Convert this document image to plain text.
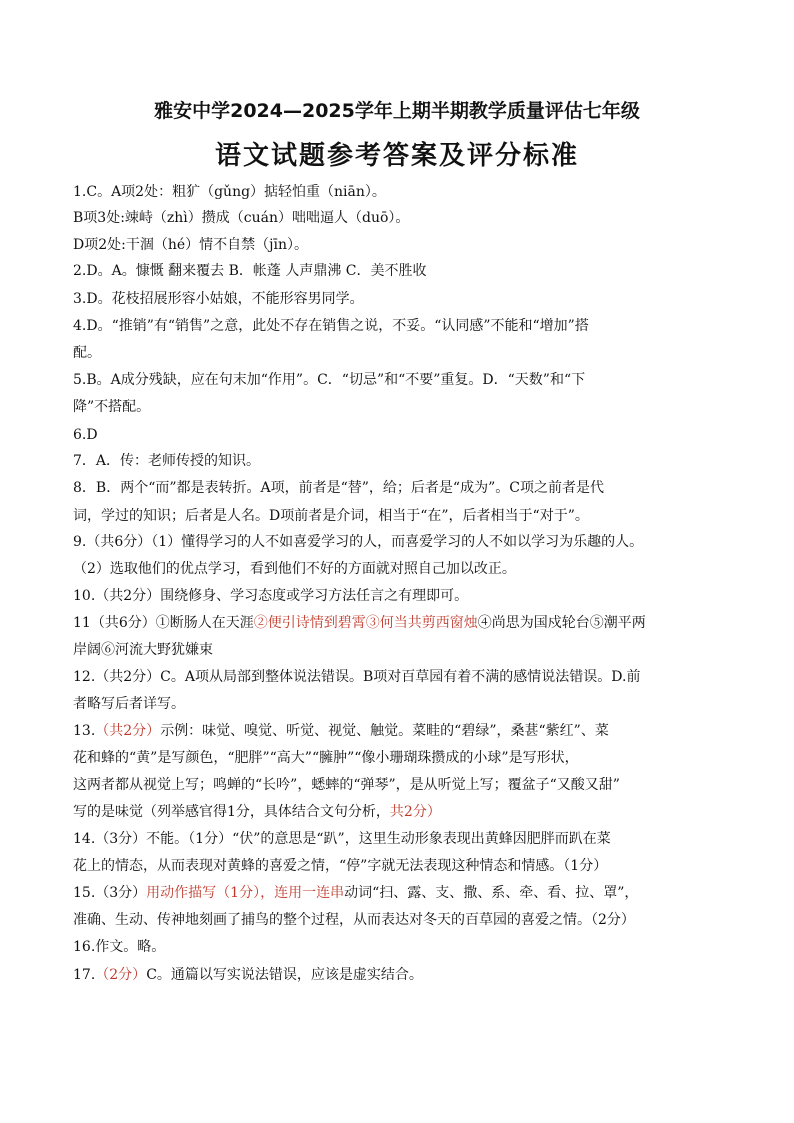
雅安中学2024—2025学年上期半期教学质量评估七年级
语文试题参考答案及评分标准
1.C。A项2处：粗犷（gǔng）掂轻怕重（niān）。
B项3处:竦峙（zhì）攒成（cuán）咄咄逼人（duō）。
D项2处:干涸（hé）情不自禁（jīn）。
2.D。A。慷慨 翻来覆去 B．帐蓬 人声鼎沸 C．美不胜收
3.D。花枝招展形容小姑娘，不能形容男同学。
4.D。“推销”有“销售”之意，此处不存在销售之说，不妥。“认同感”不能和“增加”搭
配。
5.B。A成分残缺，应在句末加“作用”。C．“切忌”和“不要”重复。D．“天数”和“下
降”不搭配。
6.D
7．A．传：老师传授的知识。
8．B．两个“而”都是表转折。A项，前者是“替”，给；后者是“成为”。C项之前者是代
词，学过的知识；后者是人名。D项前者是介词，相当于“在”，后者相当于“对于”。
9.（共6分）（1）懂得学习的人不如喜爱学习的人，而喜爱学习的人不如以学习为乐趣的人。
（2）选取他们的优点学习，看到他们不好的方面就对照自己加以改正。
10.（共2分）围绕修身、学习态度或学习方法任言之有理即可。
11（共6分）①断肠人在天涯②便引诗情到碧霄③何当共剪西窗烛④尚思为国戍轮台⑤潮平两
岸阔⑥河流大野犹嫌束
12.（共2分）C。A项从局部到整体说法错误。B项对百草园有着不满的感情说法错误。D.前
者略写后者详写。
13.（共2分）示例：味觉、嗅觉、听觉、视觉、触觉。菜畦的“碧绿”，桑葚“紫红”、菜
花和蜂的“黄”是写颜色，“肥胖”“高大”“臃肿”“像小珊瑚珠攒成的小球”是写形状，
这两者都从视觉上写；鸣蝉的“长吟”，蟋蟀的“弹琴”，是从听觉上写；覆盆子“又酸又甜”
写的是味觉（列举感官得1分，具体结合文句分析，共2分）
14.（3分）不能。（1分）“伏”的意思是“趴”，这里生动形象表现出黄蜂因肥胖而趴在菜
花上的情态，从而表现对黄蜂的喜爱之情，“停”字就无法表现这种情态和情感。（1分）
15.（3分）用动作描写（1分），连用一连串动词“扫、露、支、撒、系、牵、看、拉、罩”，
准确、生动、传神地刻画了捕鸟的整个过程，从而表达对冬天的百草园的喜爱之情。（2分）
16.作文。略。
17.（2分）C。通篇以写实说法错误，应该是虚实结合。
